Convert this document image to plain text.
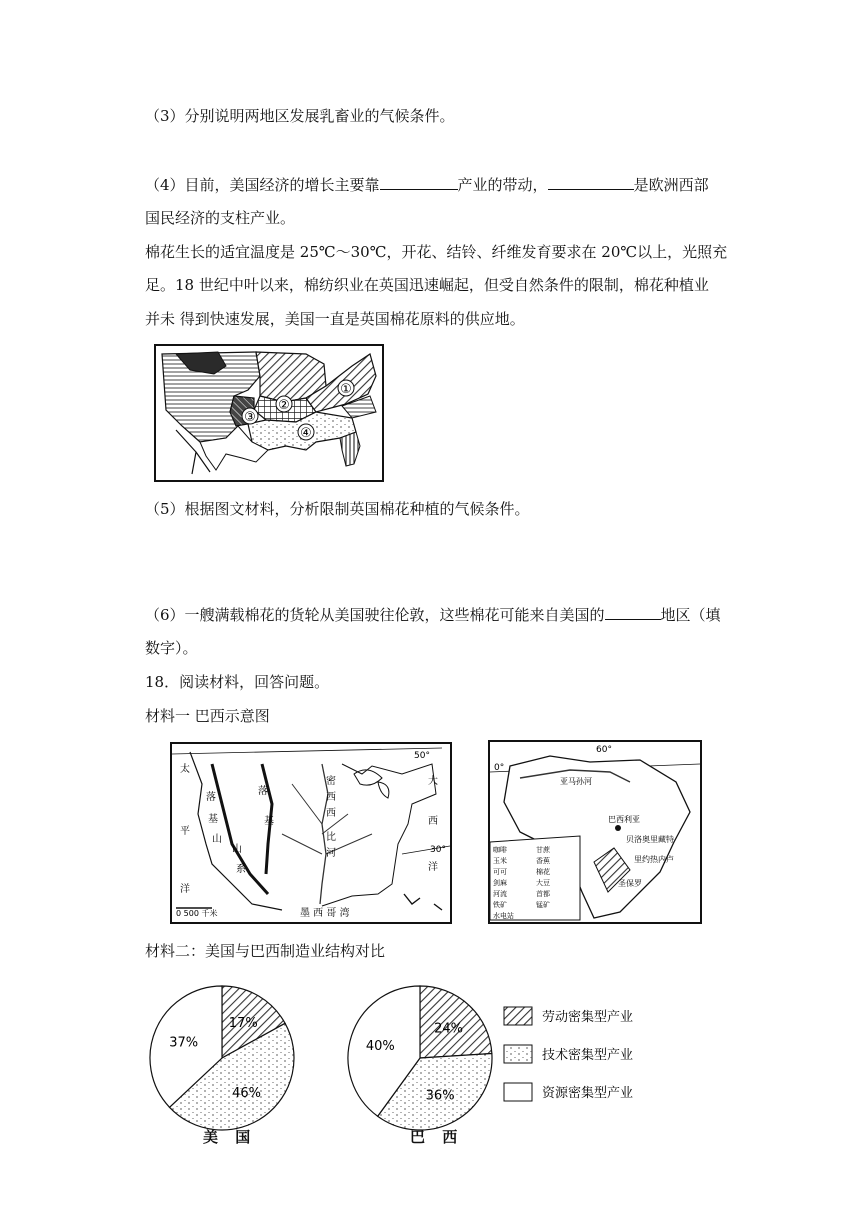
（3）分别说明两地区发展乳畜业的气候条件。
（4）目前，美国经济的增长主要靠	产业的带动，	是欧洲西部
国民经济的支柱产业。
棉花生长的适宜温度是 25℃～30℃，开花、结铃、纤维发育要求在 20℃以上，光照充
足。18 世纪中叶以来，棉纺织业在英国迅速崛起，但受自然条件的限制，棉花种植业
并未 得到快速发展，美国一直是英国棉花原料的供应地。
①
②
③
④
（5）根据图文材料，分析限制英国棉花种植的气候条件。
（6）一艘满载棉花的货轮从美国驶往伦敦，这些棉花可能来自美国的	地区（填
数字）。
18．阅读材料，回答问题。
材料一 巴西示意图
50°
30°
太
平
洋
落
基
山
山
系
落
基
密
西
西
比
河
大
西
洋
墨 西 哥 湾
0 500 千米
60°
0°
亚马孙河
巴西利亚
贝洛奥里藏特
里约热内卢
圣保罗
咖啡	甘蔗
玉米	香蕉
可可	棉花
剑麻	大豆
河流	首都
铁矿	锰矿
水电站
材料二：美国与巴西制造业结构对比
17%
46%
37%
24%
36%
40%
劳动密集型产业
技术密集型产业
资源密集型产业
美 国	巴 西
